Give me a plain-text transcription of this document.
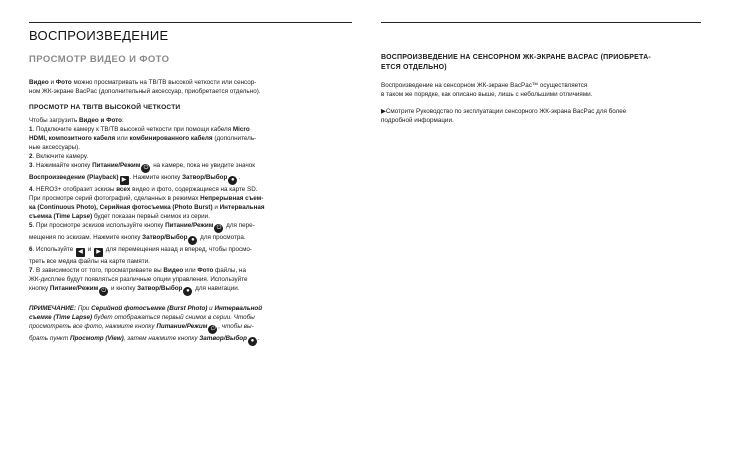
ВОСПРОИЗВЕДЕНИЕ
ПРОСМОТР ВИДЕО И ФОТО

Видео и Фото можно просматривать на ТВ/ТВ высокой четкости или сенсор-
ном ЖК-экране BacPac (дополнительный аксессуар, приобретается отдельно).

ПРОСМОТР НА ТВ/ТВ ВЫСОКОЙ ЧЕТКОСТИ
Чтобы загрузить Видео и Фото:
1. Подключите камеру к ТВ/ТВ высокой четкости при помощи кабеля Micro
HDMI, композитного кабеля или комбинированного кабеля (дополнитель-
ные аксессуары).
2. Включите камеру.
3. Нажимайте кнопку Питание/Режим ⏻ на камере, пока не увидите значок
Воспроизведение (Playback) ▶ . Нажмите кнопку Затвор/Выбор ● .
4. HERO3+ отобразит эскизы всех видео и фото, содержащиеся на карте SD.
При просмотре серий фотографий, сделанных в режимах Непрерывная съем-
ка (Continuous Photo), Серийная фотосъемка (Photo Burst) и Интервальная
съемка (Time Lapse) будет показан первый снимок из серии.
5. При просмотре эскизов используйте кнопку Питание/Режим ⏻ для пере-
мещения по эскизам. Нажмите кнопку Затвор/Выбор ● для просмотра.
6. Используйте ◀ и ▶ для перемещения назад и вперед, чтобы просмо-
треть все медиа файлы на карте памяти.
7. В зависимости от того, просматриваете вы Видео или Фото файлы, на
ЖК-дисплее будут появляться различные опции управления. Используйте
кнопку Питание/Режим ⏻ и кнопку Затвор/Выбор ● для навигации.
ПРИМЕЧАНИЕ: При Серийной фотосъемке (Burst Photo) и Интервальной
съемке (Time Lapse) будет отображаться первый снимок в серии. Чтобы
просмотреть все фото, нажмите кнопку Питание/Режим ⏻ , чтобы вы-
брать пункт Просмотр (View), затем нажмите кнопку Затвор/Выбор ● .
ВОСПРОИЗВЕДЕНИЕ НА СЕНСОРНОМ ЖК-ЭКРАНЕ BACPAC (ПРИОБРЕТА-
ЕТСЯ ОТДЕЛЬНО)
Воспроизведение на сенсорном ЖК-экране BacPac™ осуществляется
в таком же порядке, как описано выше, лишь с небольшими отличиями.
▶Смотрите Руководство по эксплуатации сенсорного ЖК-экрана BacPac для более
подробной информации.
